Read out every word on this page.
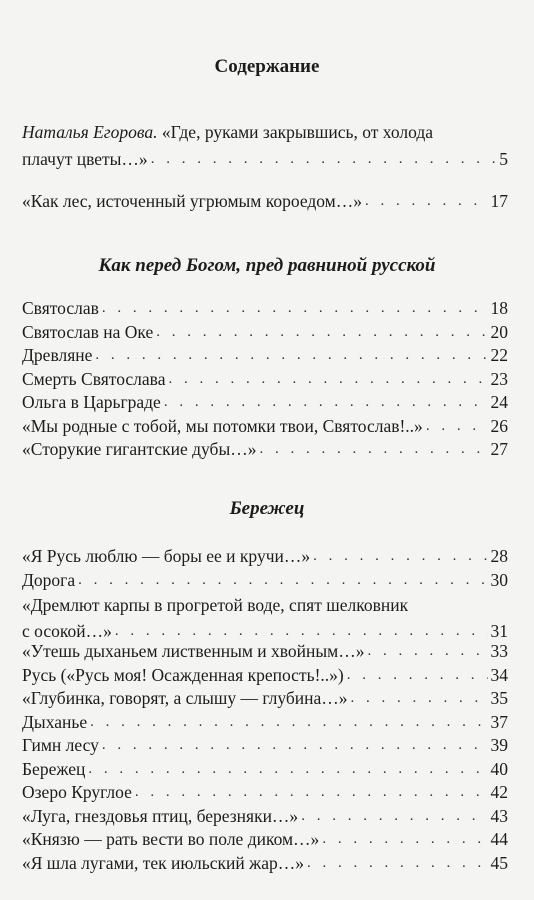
Содержание
Наталья Егорова. «Где, руками закрывшись, от холода
плачут цветы…» . . .	5
«Как лес, источенный угрюмым короедом…» . . .	17
Как перед Богом, пред равниной русской
Святослав . . .	18
Святослав на Оке . . .	20
Древляне . . .	22
Смерть Святослава . . .	23
Ольга в Царьграде . . .	24
«Мы родные с тобой, мы потомки твои, Святослав!..» . . .	26
«Сторукие гигантские дубы…» . . .	27
Бережец
«Я Русь люблю — боры ее и кручи…» . . .	28
Дорога . . .	30
«Дремлют карпы в прогретой воде, спят шелковник
с осокой…» . . .	31
«Утешь дыханьем лиственным и хвойным…» . . .	33
Русь («Русь моя! Осажденная крепость!..») . . .	34
«Глубинка, говорят, а слышу — глубина…» . . .	35
Дыханье . . .	37
Гимн лесу . . .	39
Бережец . . .	40
Озеро Круглое . . .	42
«Луга, гнездовья птиц, березняки…» . . .	43
«Князю — рать вести во поле диком…» . . .	44
«Я шла лугами, тек июльский жар…» . . .	45
